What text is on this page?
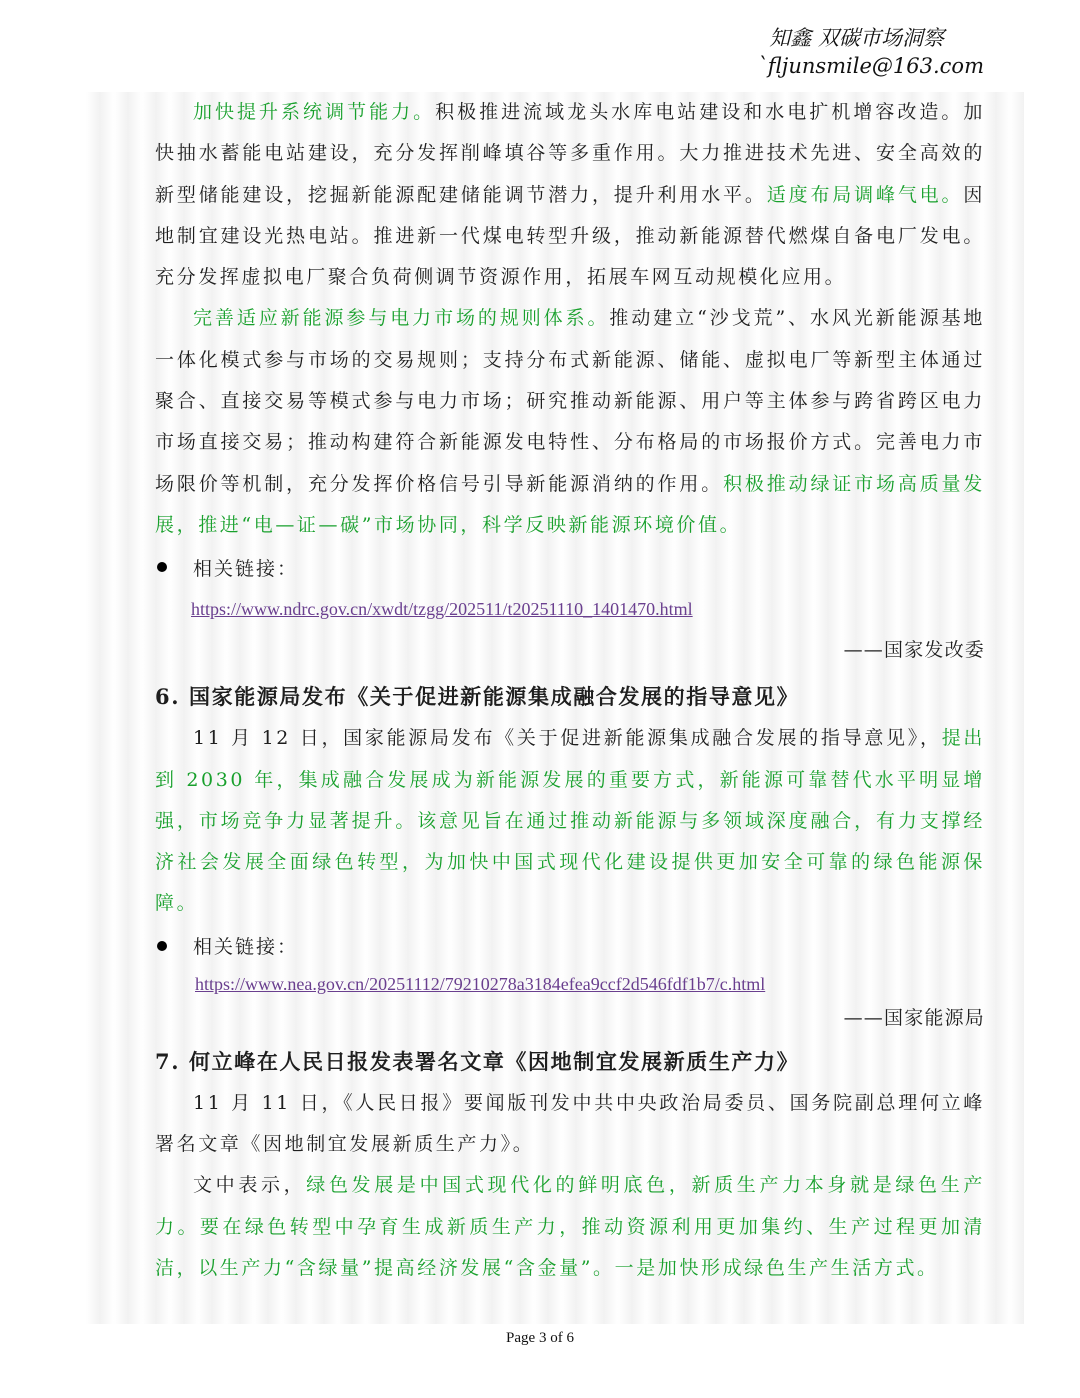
知鑫 双碳市场洞察
`fljunsmile@163.com

加快提升系统调节能力。积极推进流域龙头水库电站建设和水电扩机增容改造。加快抽水蓄能电站建设，充分发挥削峰填谷等多重作用。大力推进技术先进、安全高效的新型储能建设，挖掘新能源配建储能调节潜力，提升利用水平。适度布局调峰气电。因地制宜建设光热电站。推进新一代煤电转型升级，推动新能源替代燃煤自备电厂发电。充分发挥虚拟电厂聚合负荷侧调节资源作用，拓展车网互动规模化应用。

完善适应新能源参与电力市场的规则体系。推动建立“沙戈荒”、水风光新能源基地一体化模式参与市场的交易规则；支持分布式新能源、储能、虚拟电厂等新型主体通过聚合、直接交易等模式参与电力市场；研究推动新能源、用户等主体参与跨省跨区电力市场直接交易；推动构建符合新能源发电特性、分布格局的市场报价方式。完善电力市场限价等机制，充分发挥价格信号引导新能源消纳的作用。积极推动绿证市场高质量发展，推进“电—证—碳”市场协同，科学反映新能源环境价值。

相关链接：
https://www.ndrc.gov.cn/xwdt/tzgg/202511/t20251110_1401470.html
——国家发改委
6. 国家能源局发布《关于促进新能源集成融合发展的指导意见》

11 月 12 日，国家能源局发布《关于促进新能源集成融合发展的指导意见》，提出到 2030 年，集成融合发展成为新能源发展的重要方式，新能源可靠替代水平明显增强，市场竞争力显著提升。该意见旨在通过推动新能源与多领域深度融合，有力支撑经济社会发展全面绿色转型，为加快中国式现代化建设提供更加安全可靠的绿色能源保障。

相关链接：
https://www.nea.gov.cn/20251112/79210278a3184efea9ccf2d546fdf1b7/c.html
——国家能源局
7. 何立峰在人民日报发表署名文章《因地制宜发展新质生产力》

11 月 11 日，《人民日报》要闻版刊发中共中央政治局委员、国务院副总理何立峰署名文章《因地制宜发展新质生产力》。

文中表示，绿色发展是中国式现代化的鲜明底色，新质生产力本身就是绿色生产力。要在绿色转型中孕育生成新质生产力，推动资源利用更加集约、生产过程更加清洁，以生产力“含绿量”提高经济发展“含金量”。一是加快形成绿色生产生活方式。

Page 3 of 6
